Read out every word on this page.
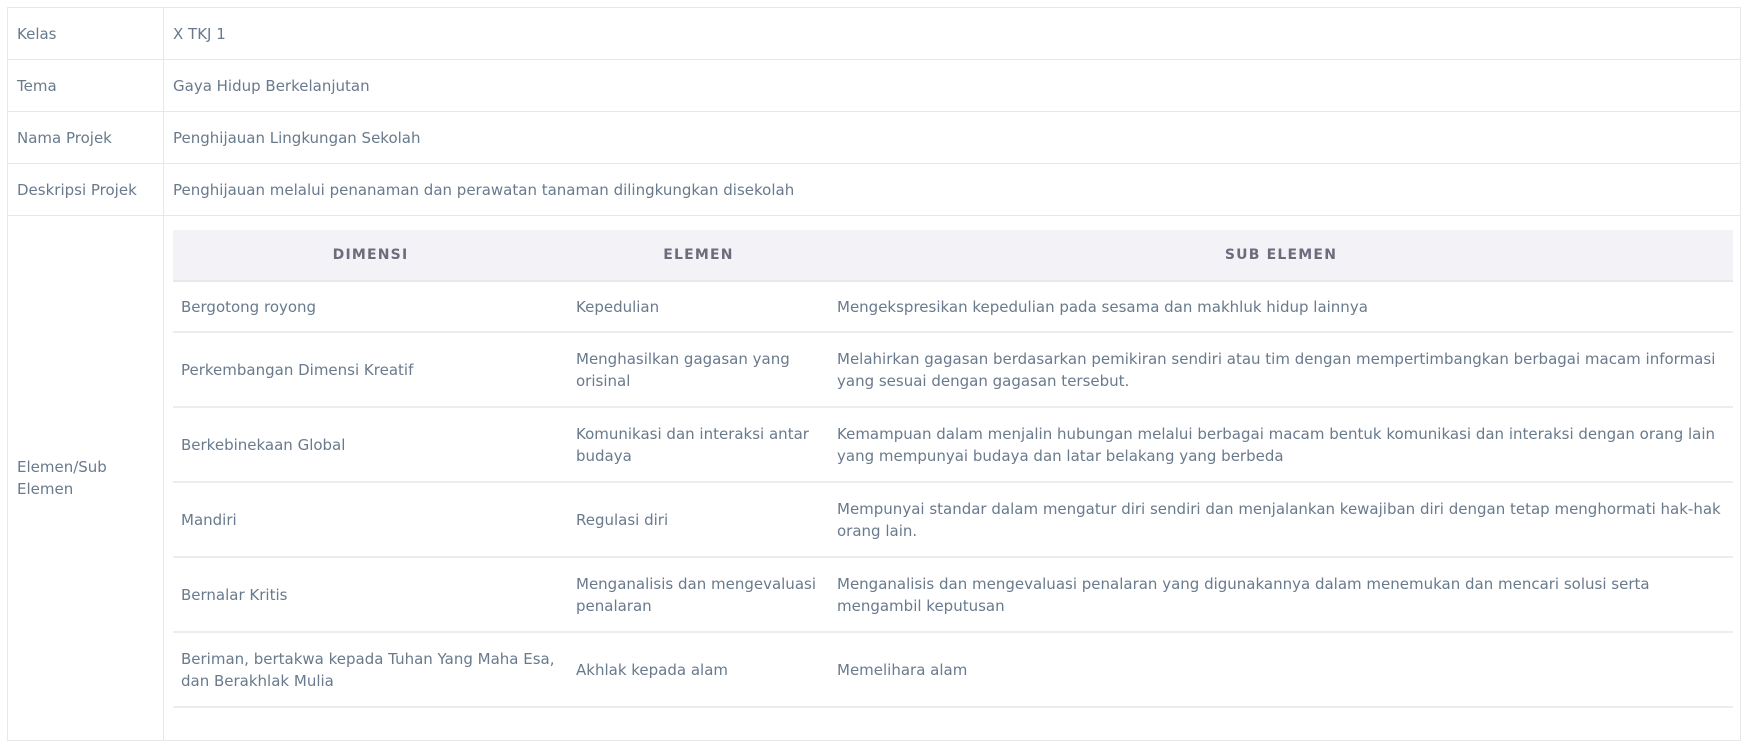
Kelas	X TKJ 1
Tema	Gaya Hidup Berkelanjutan
Nama Projek	Penghijauan Lingkungan Sekolah
Deskripsi Projek	Penghijauan melalui penanaman dan perawatan tanaman dilingkungkan disekolah
Elemen/Sub Elemen	
DIMENSI	ELEMEN	SUB ELEMEN
Bergotong royong	Kepedulian	Mengekspresikan kepedulian pada sesama dan makhluk hidup lainnya
Perkembangan Dimensi Kreatif	Menghasilkan gagasan yang orisinal	Melahirkan gagasan berdasarkan pemikiran sendiri atau tim dengan mempertimbangkan berbagai macam informasi yang sesuai dengan gagasan tersebut.
Berkebinekaan Global	Komunikasi dan interaksi antar budaya	Kemampuan dalam menjalin hubungan melalui berbagai macam bentuk komunikasi dan interaksi dengan orang lain yang mempunyai budaya dan latar belakang yang berbeda
Mandiri	Regulasi diri	Mempunyai standar dalam mengatur diri sendiri dan menjalankan kewajiban diri dengan tetap menghormati hak-hak orang lain.
Bernalar Kritis	Menganalisis dan mengevaluasi penalaran	Menganalisis dan mengevaluasi penalaran yang digunakannya dalam menemukan dan mencari solusi serta mengambil keputusan
Beriman, bertakwa kepada Tuhan Yang Maha Esa, dan Berakhlak Mulia	Akhlak kepada alam	Memelihara alam
